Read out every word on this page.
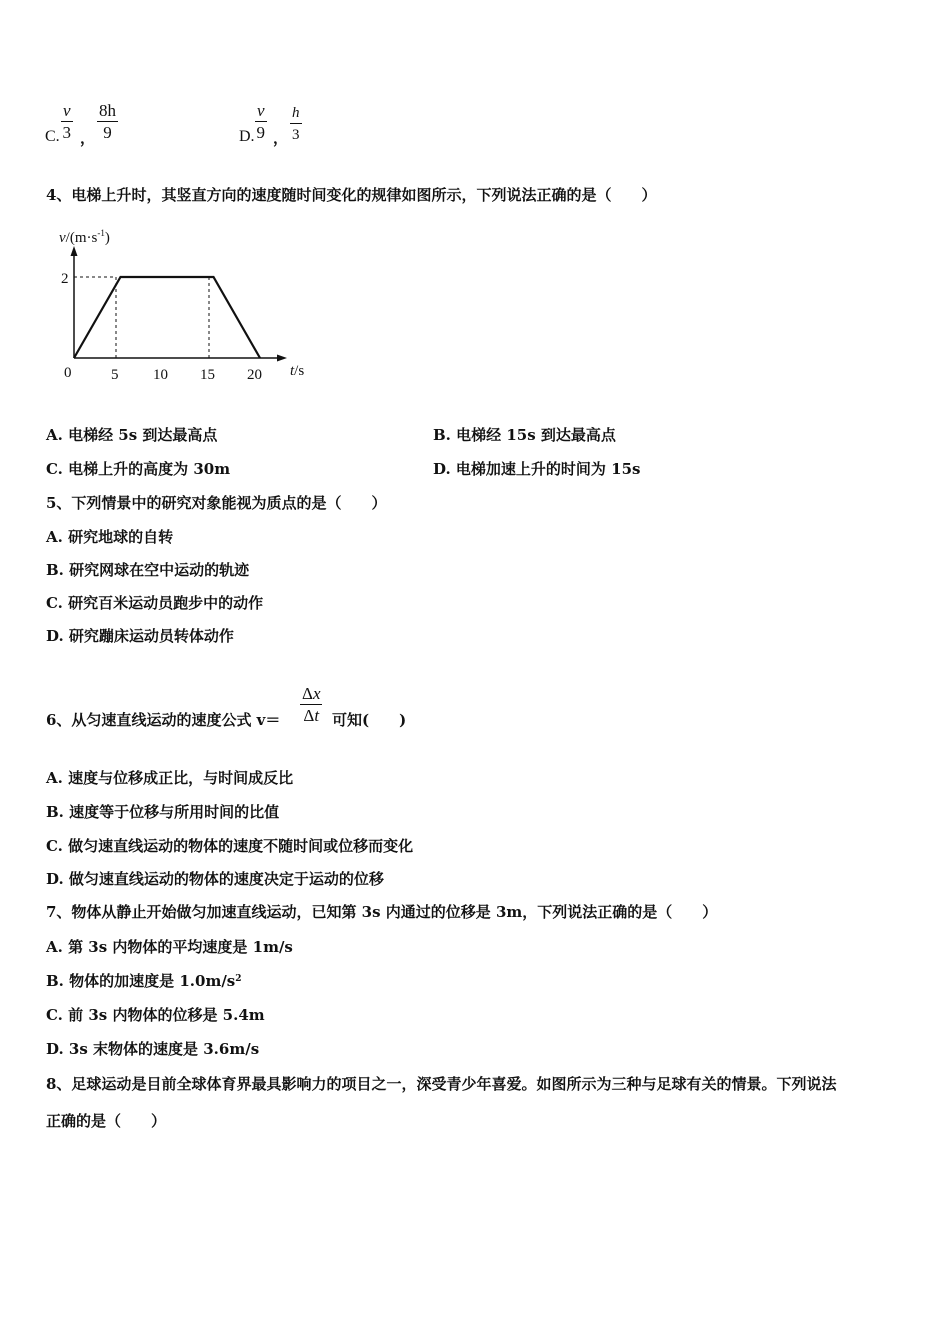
C. $\frac{v}{3}$ ， $\frac{8h}{9}$	D. $\frac{v}{9}$ ， $\frac{h}{3}$
4、电梯上升时，其竖直方向的速度随时间变化的规律如图所示，下列说法正确的是（　　）
$v/(m\cdot s^{-1})$
2
0	5 10 15 20 t/s
A. 电梯经 5s 到达最高点	B. 电梯经 15s 到达最高点
C. 电梯上升的高度为 30m	D. 电梯加速上升的时间为 15s
5、下列情景中的研究对象能视为质点的是（　　）
A. 研究地球的自转
B. 研究网球在空中运动的轨迹
C. 研究百米运动员跑步中的动作
D. 研究蹦床运动员转体动作
6、从匀速直线运动的速度公式 $v= \frac{\Delta x}{\Delta t}$ 可知(　　)
A. 速度与位移成正比，与时间成反比
B. 速度等于位移与所用时间的比值
C. 做匀速直线运动的物体的速度不随时间或位移而变化
D. 做匀速直线运动的物体的速度决定于运动的位移
7、物体从静止开始做匀加速直线运动，已知第 3s 内通过的位移是 3m，下列说法正确的是（　　）
A. 第 3s 内物体的平均速度是 1m/s
B. 物体的加速度是 $1.0m/s^2$
C. 前 3s 内物体的位移是 5.4m
D. 3s 末物体的速度是 3.6m/s
8、足球运动是目前全球体育界最具影响力的项目之一，深受青少年喜爱。如图所示为三种与足球有关的情景。下列说法
正确的是（　　）
